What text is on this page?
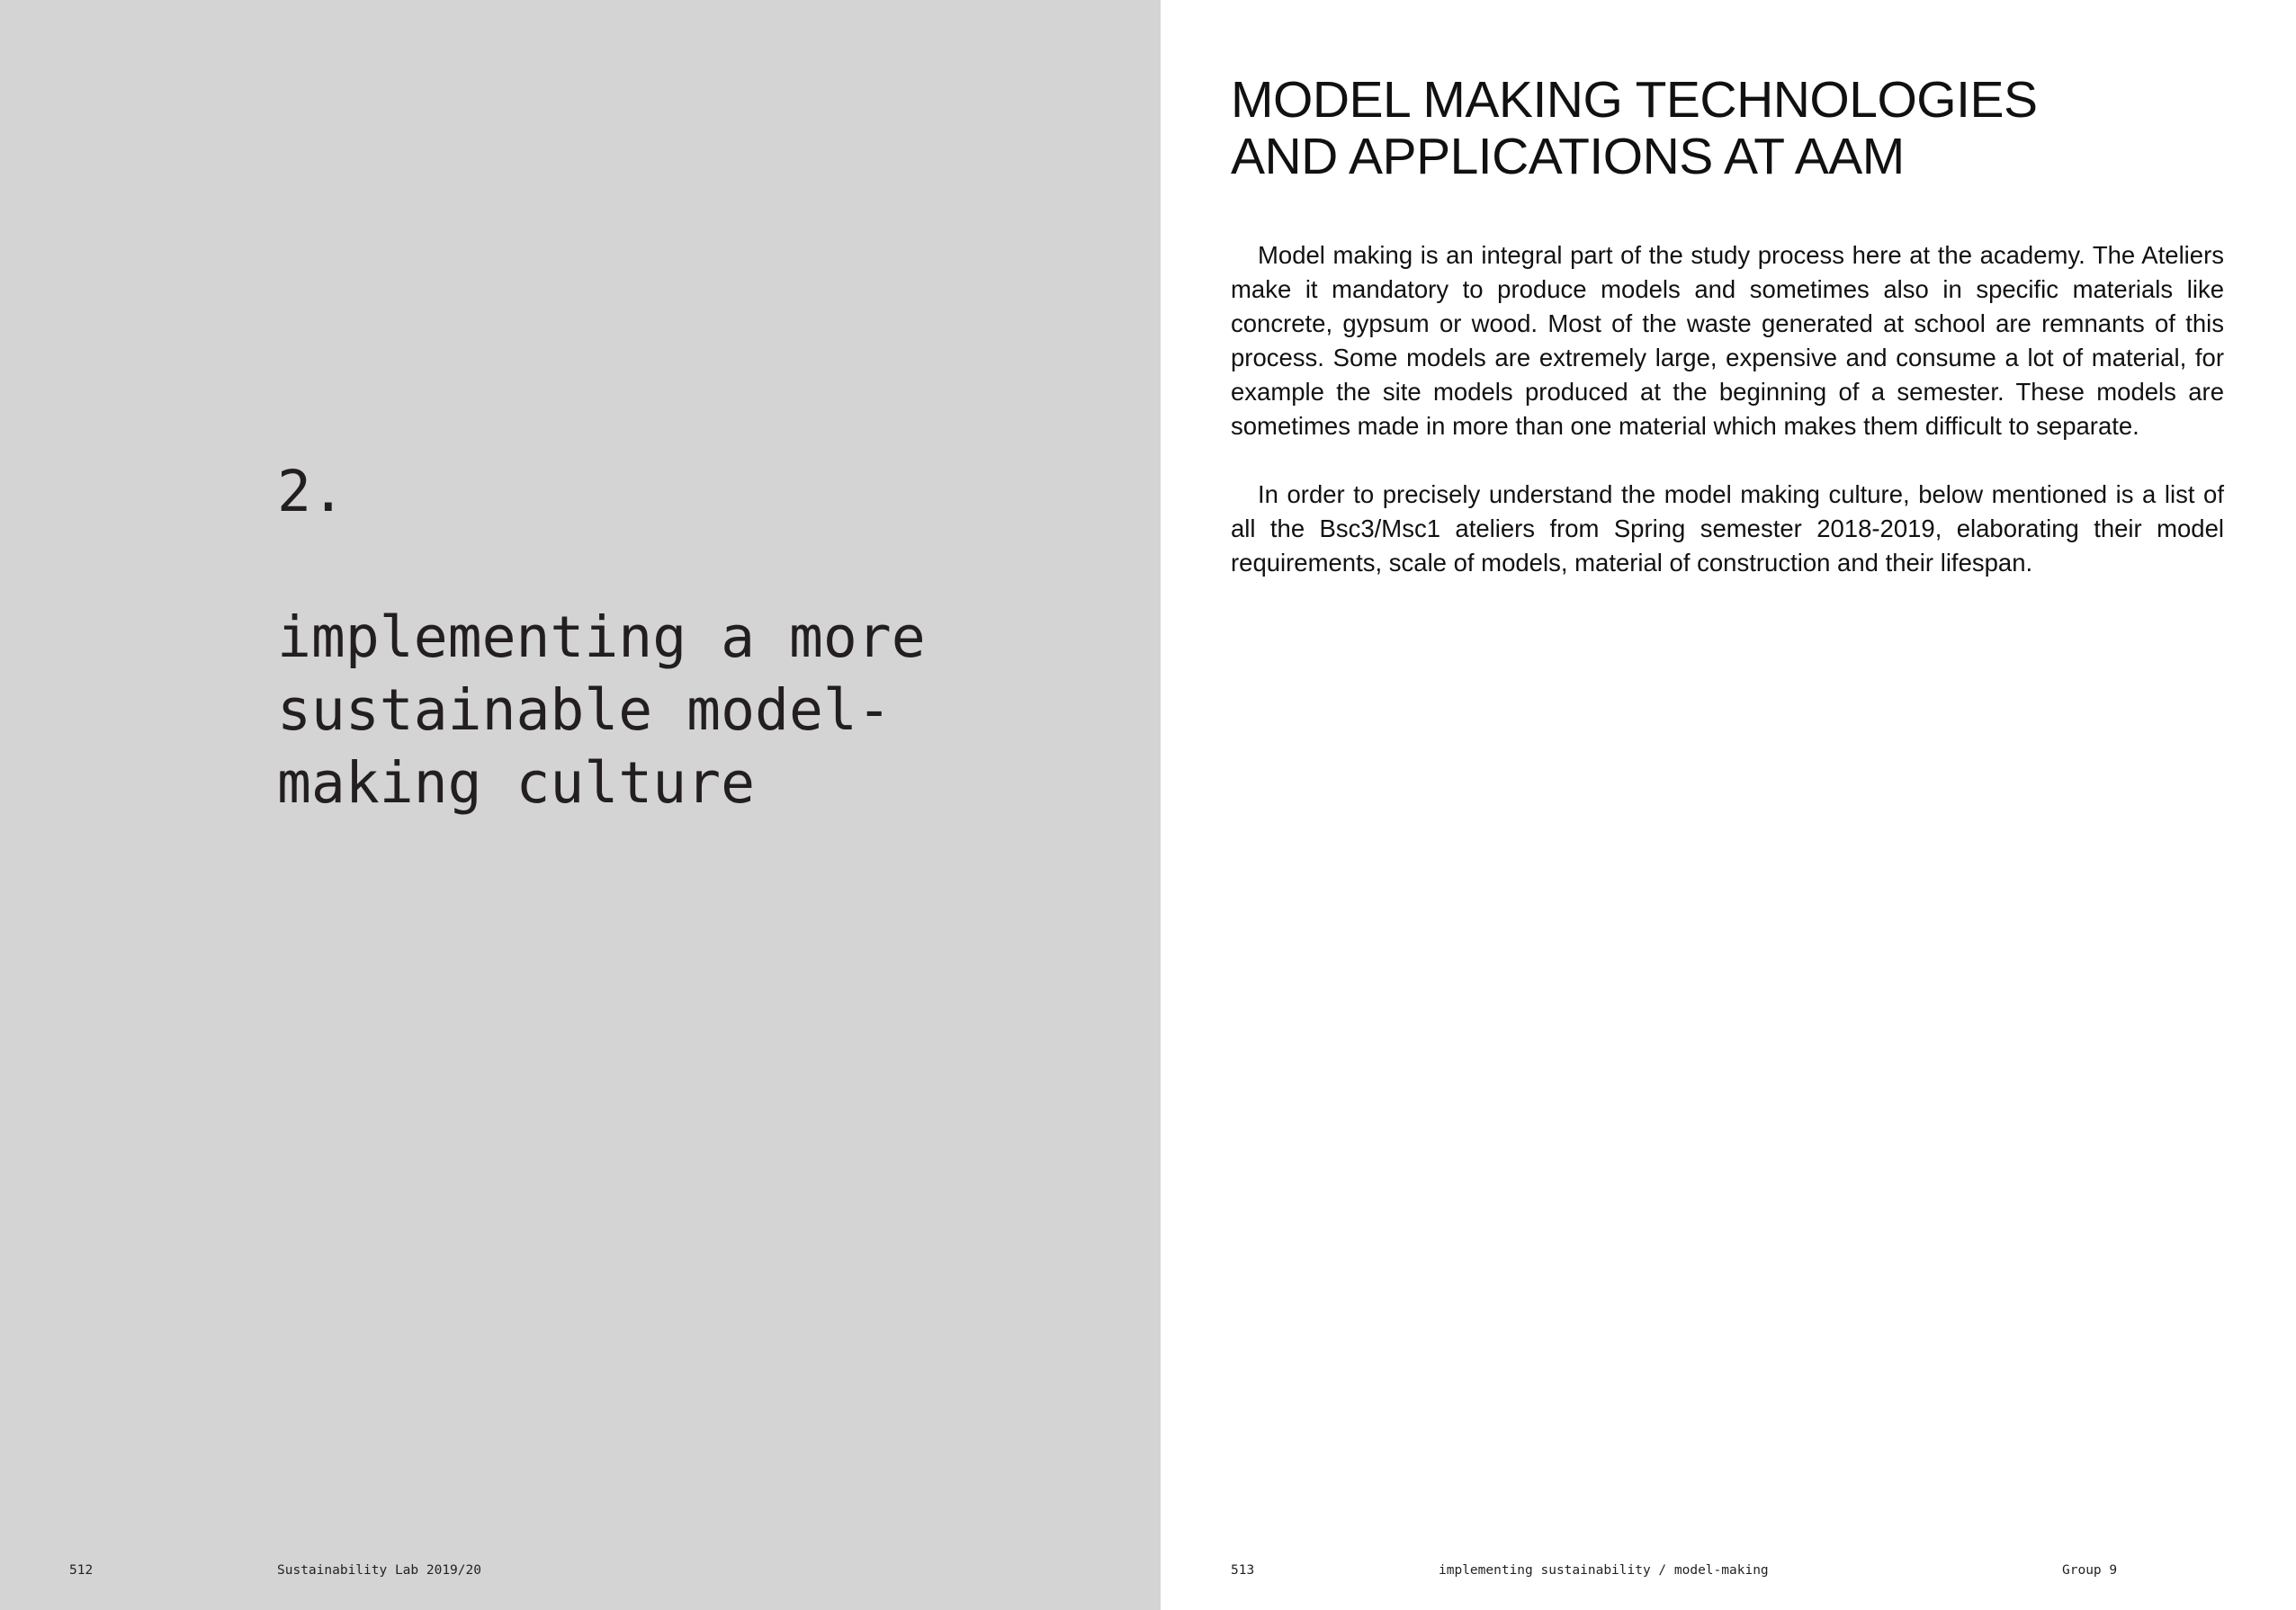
2.
implementing a more
sustainable model-
making culture

512	Sustainability Lab 2019/20

MODEL MAKING TECHNOLOGIES
AND APPLICATIONS AT AAM

Model making is an integral part of the study process here at the academy. The Ateliers make it mandatory to produce models and sometimes also in specific materials like concrete, gypsum or wood. Most of the waste generated at school are remnants of this process. Some models are extremely large, expensive and consume a lot of material, for example the site models produced at the beginning of a semester. These models are sometimes made in more than one material which makes them difficult to separate.

In order to precisely understand the model making culture, below mentioned is a list of all the Bsc3/Msc1 ateliers from Spring semester 2018-2019, elaborating their model requirements, scale of models, material of construction and their lifespan.

513	implementing sustainability / model-making	Group 9
